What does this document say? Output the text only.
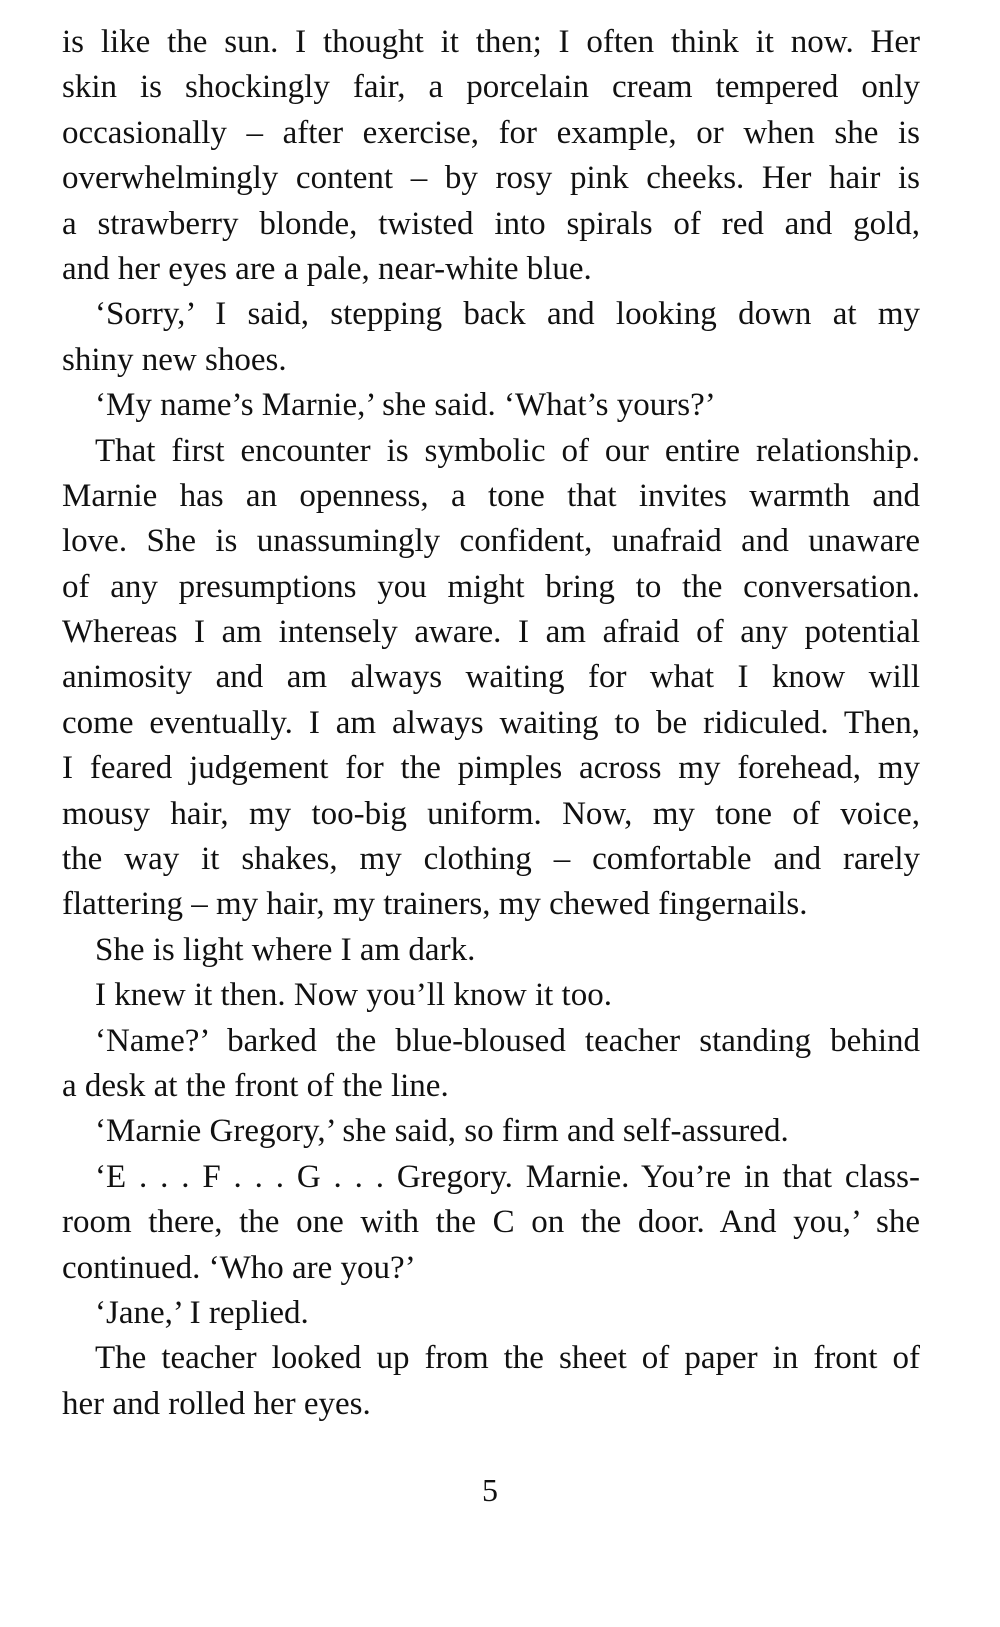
is like the sun. I thought it then; I often think it now. Her
skin is shockingly fair, a porcelain cream tempered only
occasionally – after exercise, for example, or when she is
overwhelmingly content – by rosy pink cheeks. Her hair is
a strawberry blonde, twisted into spirals of red and gold,
and her eyes are a pale, near-white blue.
‘Sorry,’ I said, stepping back and looking down at my
shiny new shoes.
‘My name’s Marnie,’ she said. ‘What’s yours?’
That first encounter is symbolic of our entire relationship.
Marnie has an openness, a tone that invites warmth and
love. She is unassumingly confident, unafraid and unaware
of any presumptions you might bring to the conversation.
Whereas I am intensely aware. I am afraid of any potential
animosity and am always waiting for what I know will
come eventually. I am always waiting to be ridiculed. Then,
I feared judgement for the pimples across my forehead, my
mousy hair, my too-big uniform. Now, my tone of voice,
the way it shakes, my clothing – comfortable and rarely
flattering – my hair, my trainers, my chewed fingernails.
She is light where I am dark.
I knew it then. Now you’ll know it too.
‘Name?’ barked the blue-bloused teacher standing behind
a desk at the front of the line.
‘Marnie Gregory,’ she said, so firm and self-assured.
‘E . . . F . . . G . . . Gregory. Marnie. You’re in that class-
room there, the one with the C on the door. And you,’ she
continued. ‘Who are you?’
‘Jane,’ I replied.
The teacher looked up from the sheet of paper in front of
her and rolled her eyes.
5
